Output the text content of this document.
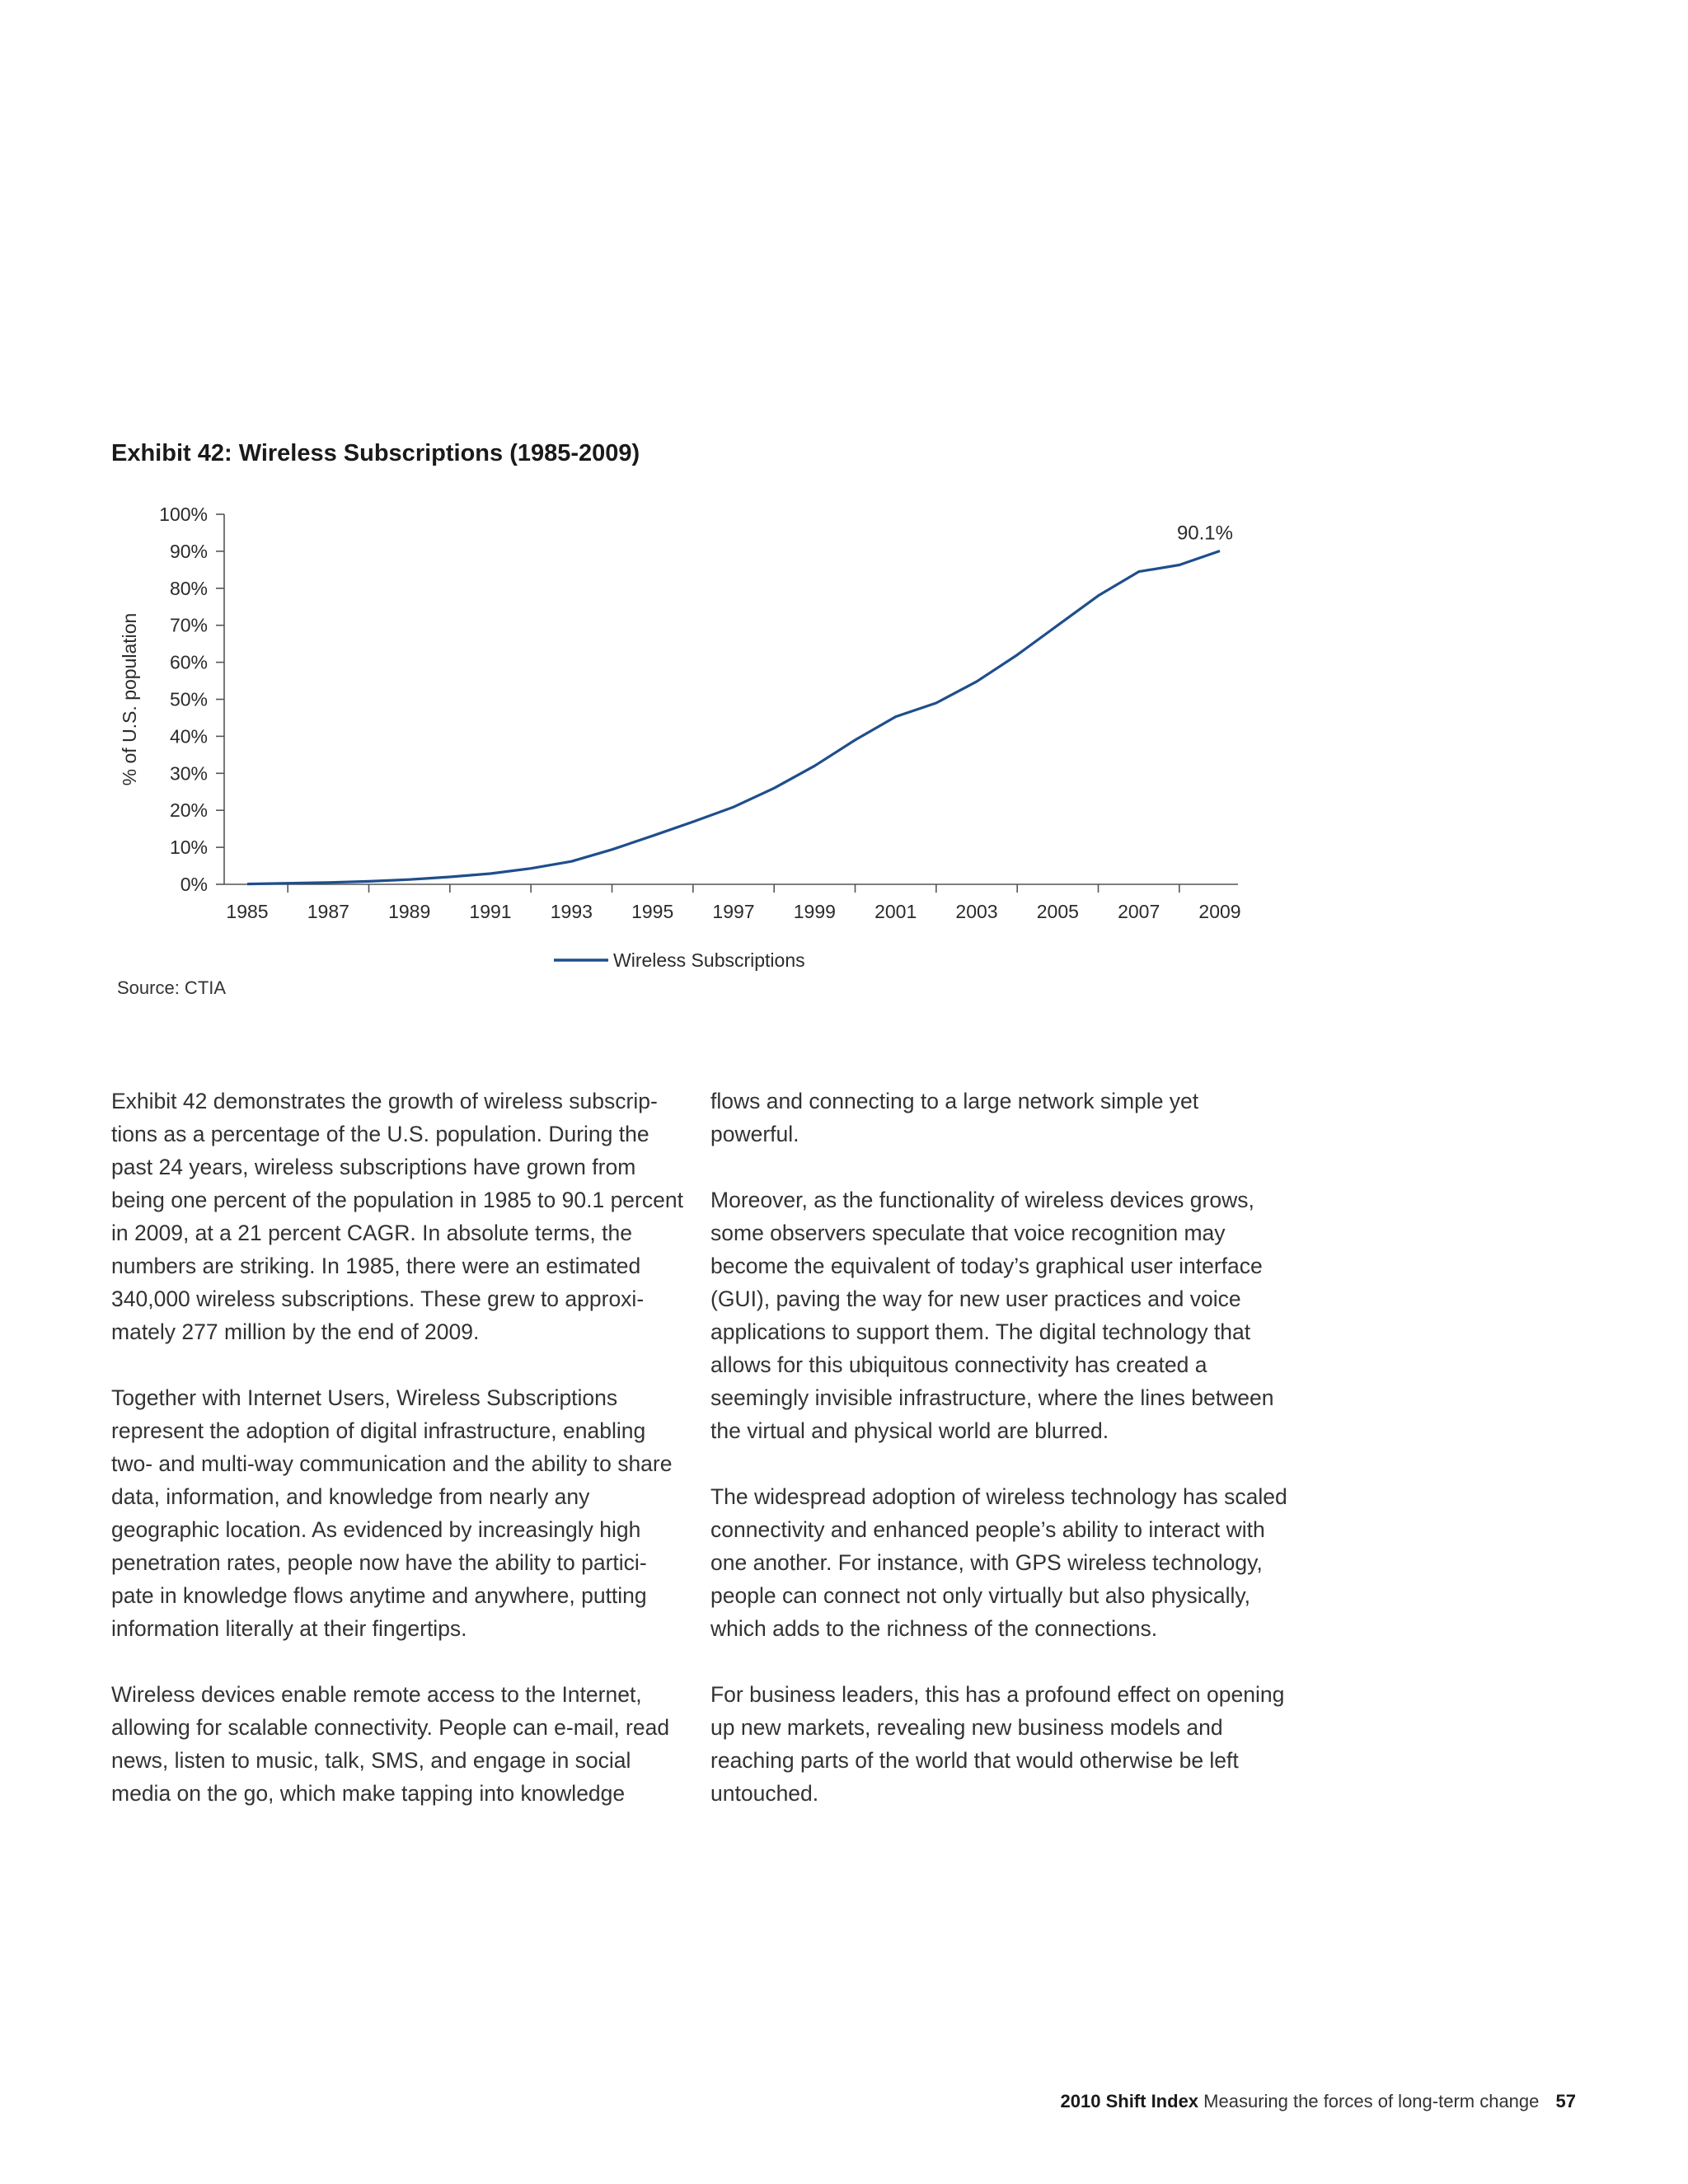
Exhibit 42: Wireless Subscriptions (1985-2009)
0%
10%
20%
30%
40%
50%
60%
70%
80%
90%
100%
1985 1987 1989 1991 1993 1995 1997 1999 2001 2003 2005 2007 2009
% of U.S. population
90.1%
Wireless Subscriptions
Source: CTIA

Exhibit 42 demonstrates the growth of wireless subscrip- tions as a percentage of the U.S. population. During the past 24 years, wireless subscriptions have grown from being one percent of the population in 1985 to 90.1 percent in 2009, at a 21 percent CAGR. In absolute terms, the numbers are striking. In 1985, there were an estimated 340,000 wireless subscriptions. These grew to approxi- mately 277 million by the end of 2009.

Together with Internet Users, Wireless Subscriptions represent the adoption of digital infrastructure, enabling two- and multi-way communication and the ability to share data, information, and knowledge from nearly any geographic location. As evidenced by increasingly high penetration rates, people now have the ability to partici- pate in knowledge flows anytime and anywhere, putting information literally at their fingertips.

Wireless devices enable remote access to the Internet, allowing for scalable connectivity. People can e-mail, read news, listen to music, talk, SMS, and engage in social media on the go, which make tapping into knowledge

flows and connecting to a large network simple yet powerful.

Moreover, as the functionality of wireless devices grows, some observers speculate that voice recognition may become the equivalent of today’s graphical user interface (GUI), paving the way for new user practices and voice applications to support them. The digital technology that allows for this ubiquitous connectivity has created a seemingly invisible infrastructure, where the lines between the virtual and physical world are blurred.

The widespread adoption of wireless technology has scaled connectivity and enhanced people’s ability to interact with one another. For instance, with GPS wireless technology, people can connect not only virtually but also physically, which adds to the richness of the connections.

For business leaders, this has a profound effect on opening up new markets, revealing new business models and reaching parts of the world that would otherwise be left untouched.

2010 Shift Index Measuring the forces of long-term change 57
